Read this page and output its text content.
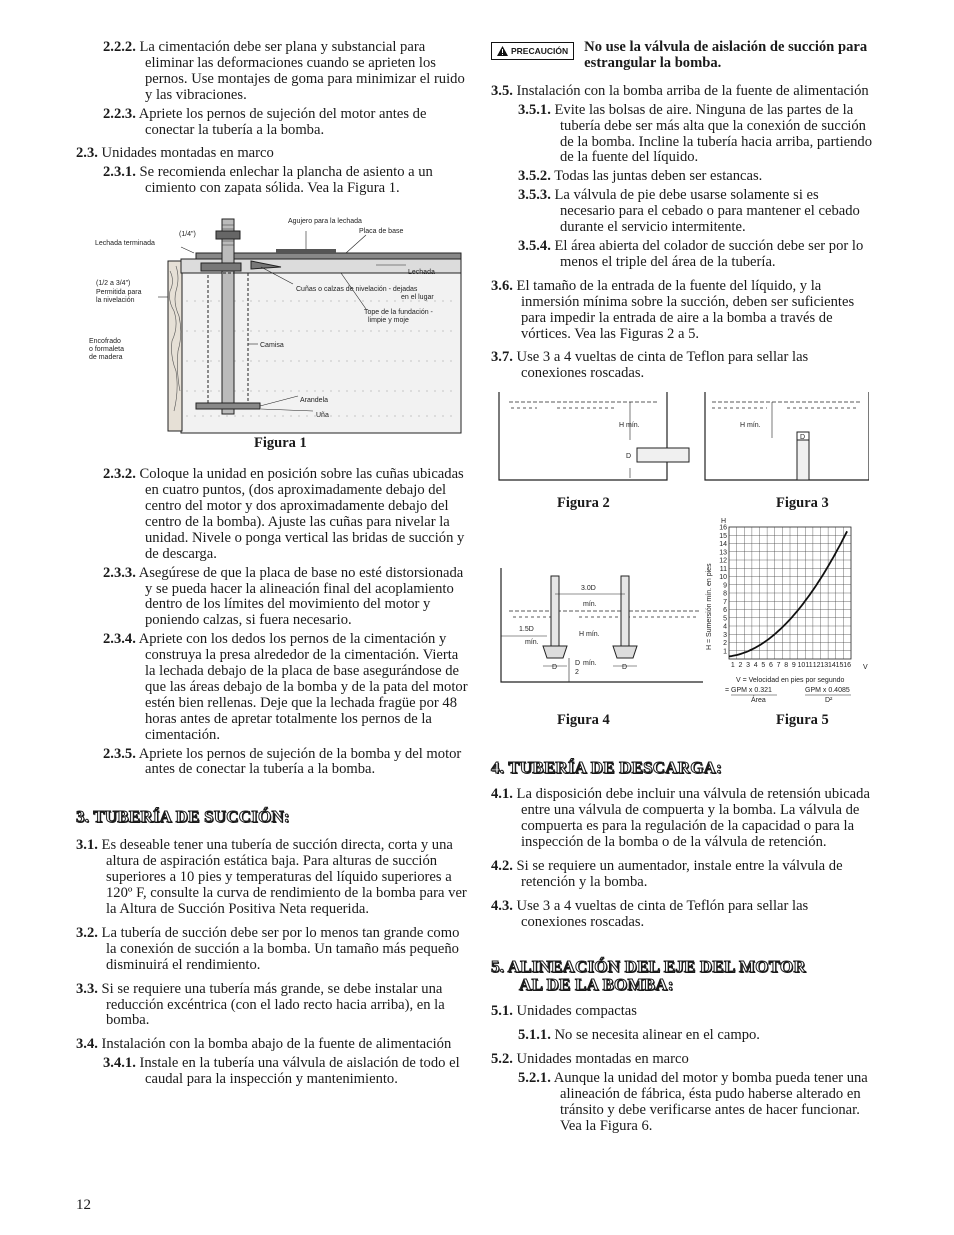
2.2.2. La cimentación debe ser plana y substancial para eliminar las deformaciones cuando se aprieten los pernos. Use montajes de goma para minimizar el ruido y las vibraciones.
2.2.3. Apriete los pernos de sujeción del motor antes de conectar la tubería a la bomba.
2.3. Unidades montadas en marco
2.3.1. Se recomienda enlechar la plancha de asiento a un cimiento con zapata sólida. Vea la Figura 1.
Agujero para la lechada
Placa de base
(1/4")
Lechada terminada
Lechada
(1/2 a 3/4")
Permitida para
la nivelación
Cuñas o calzas de nivelación - dejadas
en el lugar
Tope de la fundación -
limpie y moje
Encofrado
o formaleta
de madera
Camisa
Arandela
Uña
Figura 1
2.3.2. Coloque la unidad en posición sobre las cuñas ubicadas en cuatro puntos, (dos aproximadamente debajo del centro del motor y dos aproximadamente debajo del centro de la bomba). Ajuste las cuñas para nivelar la unidad. Nivele o ponga vertical las bridas de succión y de descarga.
2.3.3. Asegúrese de que la placa de base no esté distorsionada y se pueda hacer la alineación final del acoplamiento dentro de los límites del movimiento del motor y poniendo calzas, si fuera necesario.
2.3.4. Apriete con los dedos los pernos de la cimentación y construya la presa alrededor de la cimentación. Vierta la lechada debajo de la placa de base asegurándose de que las áreas debajo de la bomba y de la pata del motor estén bien rellenas. Deje que la lechada fragüe por 48 horas antes de apretar totalmente los pernos de la cimentación.
2.3.5. Apriete los pernos de sujeción de la bomba y del motor antes de conectar la tubería a la bomba.
3. TUBERÍA DE SUCCIÓN:
3.1. Es deseable tener una tubería de succión directa, corta y una altura de aspiración estática baja. Para alturas de succión superiores a 10 pies y temperaturas del líquido superiores a 120º F, consulte la curva de rendimiento de la bomba para ver la Altura de Succión Positiva Neta requerida.
3.2. La tubería de succión debe ser por lo menos tan grande como la conexión de succión a la bomba. Un tamaño más pequeño disminuirá el rendimiento.
3.3. Si se requiere una tubería más grande, se debe instalar una reducción excéntrica (con el lado recto hacia arriba), en la bomba.
3.4. Instalación con la bomba abajo de la fuente de alimentación
3.4.1. Instale en la tubería una válvula de aislación de todo el caudal para la inspección y mantenimiento.
12
PRECAUCIÓN No use la válvula de aislación de succión para estrangular la bomba.
3.5. Instalación con la bomba arriba de la fuente de alimentación
3.5.1. Evite las bolsas de aire. Ninguna de las partes de la tubería debe ser más alta que la conexión de succión de la bomba. Incline la tubería hacia arriba, partiendo de la fuente del líquido.
3.5.2. Todas las juntas deben ser estancas.
3.5.3. La válvula de pie debe usarse solamente si es necesario para el cebado o para mantener el cebado durante el servicio intermitente.
3.5.4. El área abierta del colador de succión debe ser por lo menos el triple del área de la tubería.
3.6. El tamaño de la entrada de la fuente del líquido, y la inmersión mínima sobre la succión, deben ser suficientes para impedir la entrada de aire a la bomba a través de vórtices. Vea las Figuras 2 a 5.
3.7. Use 3 a 4 vueltas de cinta de Teflon para sellar las conexiones roscadas.
H mín.
D
H mín.
D
Figura 2	Figura 3
3.0D
mín.
1.5D
mín.
H mín.
D	D
D mín.
2
Figura 4
H
V
H = Sumersión mín. en pies
1
2
3
4
5
6
7
8
9
10
11
12
13
14
15
16
1 2 3 4 5 6 7 8 9 10 11 12 13 14 15 16
V = Velocidad en pies por segundo
= GPM x 0.321
Área
GPM x 0.4085
D²
Figura 5
4. TUBERÍA DE DESCARGA:
4.1. La disposición debe incluir una válvula de retensión ubicada entre una válvula de compuerta y la bomba. La válvula de compuerta es para la regulación de la capacidad o para la inspección de la bomba o de la válvula de retención.
4.2. Si se requiere un aumentador, instale entre la válvula de retención y la bomba.
4.3. Use 3 a 4 vueltas de cinta de Teflón para sellar las conexiones roscadas.
5. ALINEACIÓN DEL EJE DEL MOTOR
AL DE LA BOMBA:
5.1. Unidades compactas
5.1.1. No se necesita alinear en el campo.
5.2. Unidades montadas en marco
5.2.1. Aunque la unidad del motor y bomba pueda tener una alineación de fábrica, ésta pudo haberse alterado en tránsito y debe verificarse antes de hacer funcionar. Vea la Figura 6.
